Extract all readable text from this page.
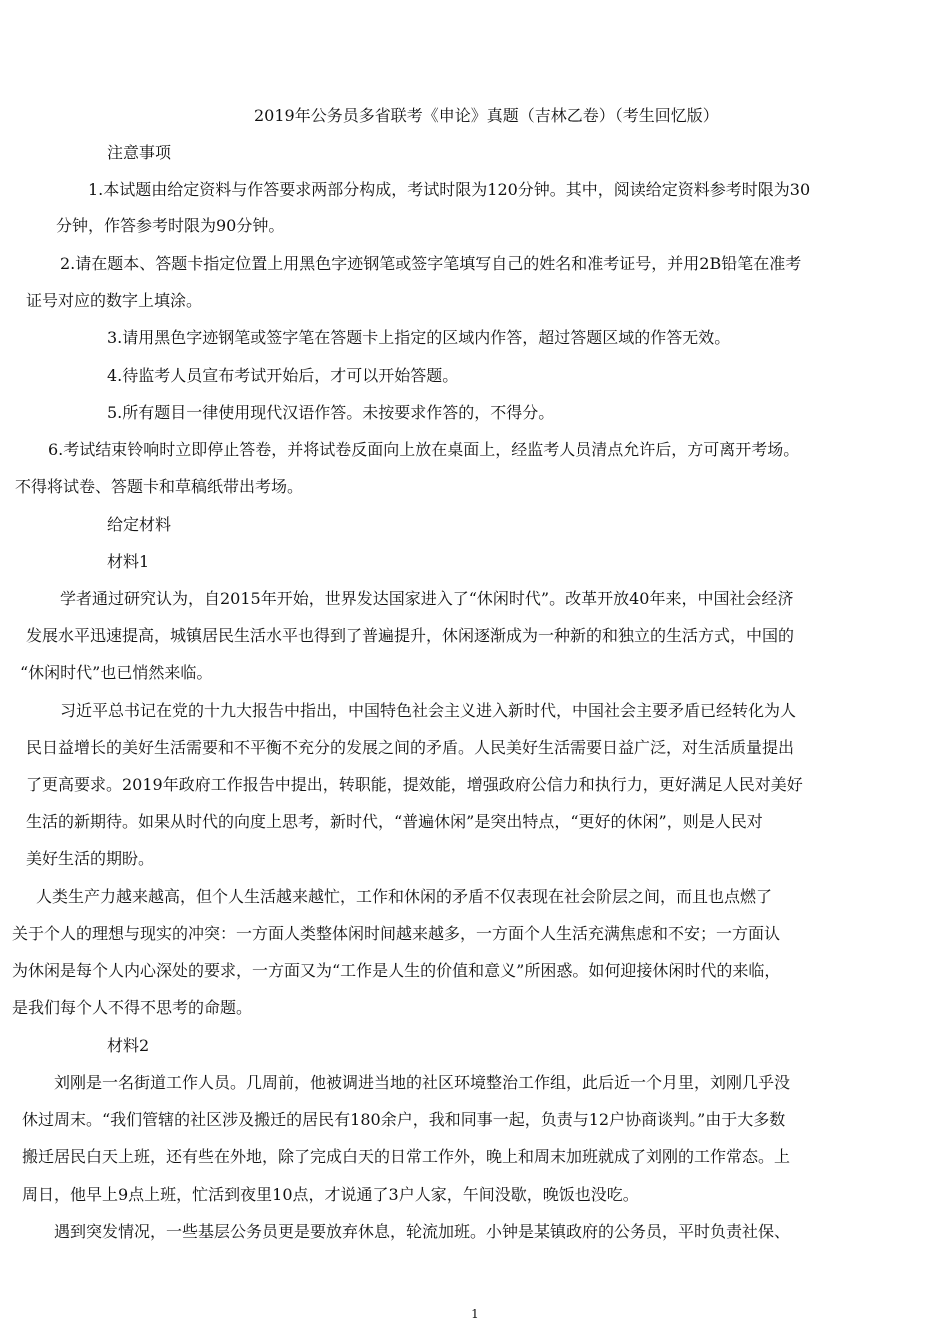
2019年公务员多省联考《申论》真题（吉林乙卷）（考生回忆版）

注意事项

1.本试题由给定资料与作答要求两部分构成，考试时限为120分钟。其中，阅读给定资料参考时限为30

分钟，作答参考时限为90分钟。

2.请在题本、答题卡指定位置上用黑色字迹钢笔或签字笔填写自己的姓名和准考证号，并用2B铅笔在准考

证号对应的数字上填涂。

3.请用黑色字迹钢笔或签字笔在答题卡上指定的区域内作答，超过答题区域的作答无效。

4.待监考人员宣布考试开始后，才可以开始答题。

5.所有题目一律使用现代汉语作答。未按要求作答的，不得分。

6.考试结束铃响时立即停止答卷，并将试卷反面向上放在桌面上，经监考人员清点允许后，方可离开考场。

不得将试卷、答题卡和草稿纸带出考场。

给定材料

材料1

学者通过研究认为，自2015年开始，世界发达国家进入了“休闲时代”。改革开放40年来，中国社会经济

发展水平迅速提高，城镇居民生活水平也得到了普遍提升，休闲逐渐成为一种新的和独立的生活方式，中国的

“休闲时代”也已悄然来临。

习近平总书记在党的十九大报告中指出，中国特色社会主义进入新时代，中国社会主要矛盾已经转化为人

民日益增长的美好生活需要和不平衡不充分的发展之间的矛盾。人民美好生活需要日益广泛，对生活质量提出

了更高要求。2019年政府工作报告中提出，转职能，提效能，增强政府公信力和执行力，更好满足人民对美好

生活的新期待。如果从时代的向度上思考，新时代，“普遍休闲”是突出特点，“更好的休闲”，则是人民对

美好生活的期盼。

人类生产力越来越高，但个人生活越来越忙，工作和休闲的矛盾不仅表现在社会阶层之间，而且也点燃了

关于个人的理想与现实的冲突：一方面人类整体闲时间越来越多，一方面个人生活充满焦虑和不安；一方面认

为休闲是每个人内心深处的要求，一方面又为“工作是人生的价值和意义”所困惑。如何迎接休闲时代的来临，

是我们每个人不得不思考的命题。

材料2

刘刚是一名街道工作人员。几周前，他被调进当地的社区环境整治工作组，此后近一个月里，刘刚几乎没

休过周末。“我们管辖的社区涉及搬迁的居民有180余户，我和同事一起，负责与12户协商谈判。”由于大多数

搬迁居民白天上班，还有些在外地，除了完成白天的日常工作外，晚上和周末加班就成了刘刚的工作常态。上

周日，他早上9点上班，忙活到夜里10点，才说通了3户人家，午间没歇，晚饭也没吃。

遇到突发情况，一些基层公务员更是要放弃休息，轮流加班。小钟是某镇政府的公务员，平时负责社保、

1
